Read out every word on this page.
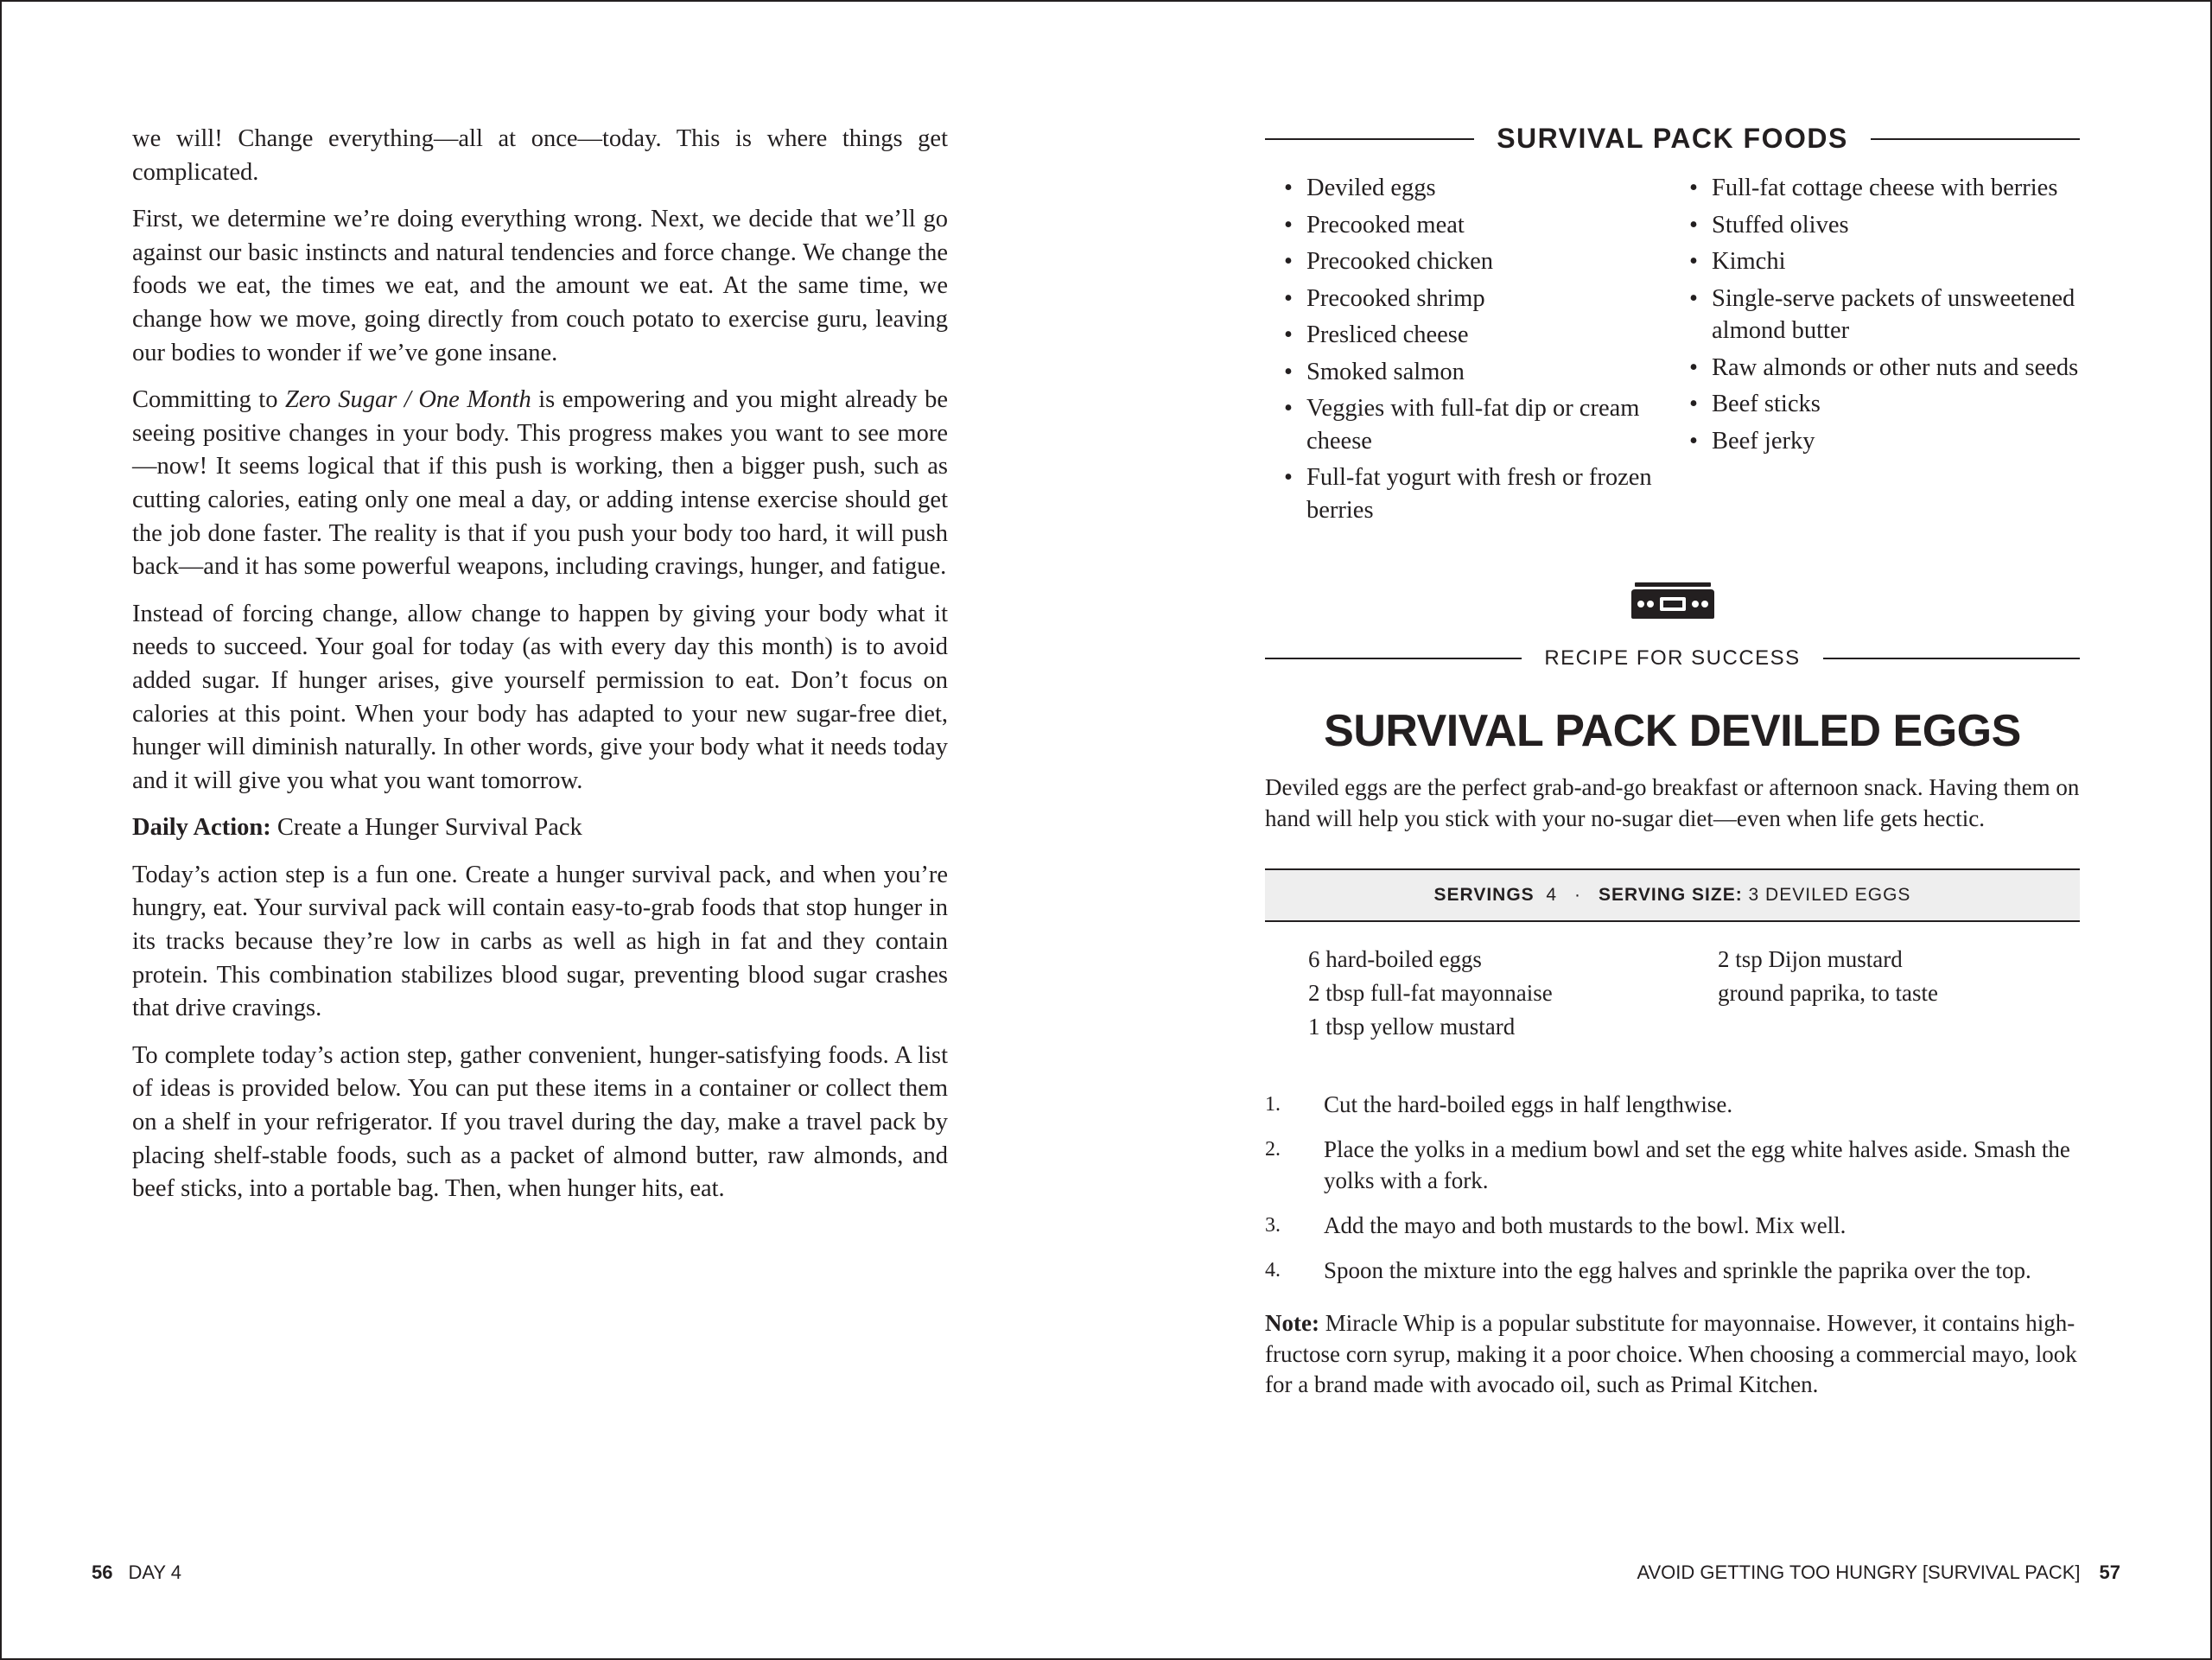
we will! Change everything—all at once—today. This is where things get complicated.

First, we determine we’re doing everything wrong. Next, we decide that we’ll go against our basic instincts and natural tendencies and force change. We change the foods we eat, the times we eat, and the amount we eat. At the same time, we change how we move, going directly from couch potato to exercise guru, leaving our bodies to wonder if we’ve gone insane.

Committing to Zero Sugar / One Month is empowering and you might already be seeing positive changes in your body. This progress makes you want to see more—now! It seems logical that if this push is working, then a bigger push, such as cutting calories, eating only one meal a day, or adding intense exercise should get the job done faster. The reality is that if you push your body too hard, it will push back—and it has some powerful weapons, including cravings, hunger, and fatigue.

Instead of forcing change, allow change to happen by giving your body what it needs to succeed. Your goal for today (as with every day this month) is to avoid added sugar. If hunger arises, give yourself permission to eat. Don’t focus on calories at this point. When your body has adapted to your new sugar-free diet, hunger will diminish naturally. In other words, give your body what it needs today and it will give you what you want tomorrow.

Daily Action: Create a Hunger Survival Pack

Today’s action step is a fun one. Create a hunger survival pack, and when you’re hungry, eat. Your survival pack will contain easy-to-grab foods that stop hunger in its tracks because they’re low in carbs as well as high in fat and they contain protein. This combination stabilizes blood sugar, preventing blood sugar crashes that drive cravings.

To complete today’s action step, gather convenient, hunger-satisfying foods. A list of ideas is provided below. You can put these items in a container or collect them on a shelf in your refrigerator. If you travel during the day, make a travel pack by placing shelf-stable foods, such as a packet of almond butter, raw almonds, and beef sticks, into a portable bag. Then, when hunger hits, eat.

56 DAY 4
SURVIVAL PACK FOODS
• Deviled eggs
• Precooked meat
• Precooked chicken
• Precooked shrimp
• Presliced cheese
• Smoked salmon
• Veggies with full-fat dip or cream cheese
• Full-fat yogurt with fresh or frozen berries
• Full-fat cottage cheese with berries
• Stuffed olives
• Kimchi
• Single-serve packets of unsweetened almond butter
• Raw almonds or other nuts and seeds
• Beef sticks
• Beef jerky
RECIPE FOR SUCCESS
SURVIVAL PACK DEVILED EGGS

Deviled eggs are the perfect grab-and-go breakfast or afternoon snack. Having them on hand will help you stick with your no-sugar diet—even when life gets hectic.

SERVINGS
4 · SERVING SIZE:
3 DEVILED EGGS
6 hard-boiled eggs
2 tbsp full-fat mayonnaise
1 tbsp yellow mustard
2 tsp Dijon mustard
ground paprika, to taste
1.	Cut the hard-boiled eggs in half lengthwise.
2.	Place the yolks in a medium bowl and set the egg white halves aside. Smash the yolks with a fork.
3.	Add the mayo and both mustards to the bowl. Mix well.
4.	Spoon the mixture into the egg halves and sprinkle the paprika over the top.

Note: Miracle Whip is a popular substitute for mayonnaise. However, it contains high-fructose corn syrup, making it a poor choice. When choosing a commercial mayo, look for a brand made with avocado oil, such as Primal Kitchen.

AVOID GETTING TOO HUNGRY [SURVIVAL PACK] 57
